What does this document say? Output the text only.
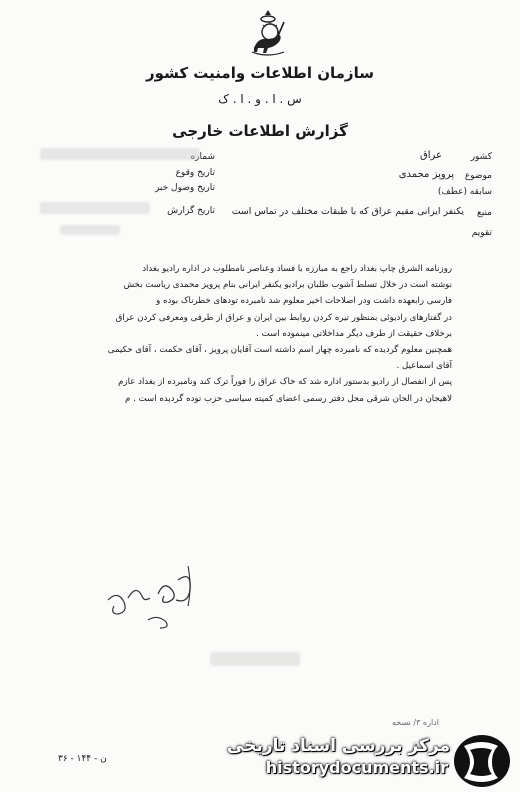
سازمان اطلاعات وامنیت کشور
س . ا . و . ا . ک
گزارش اطلاعات خارجی
کشور
عراق
شماره
موضوع
پرویز محمدی
تاریخ وقوع
سابقه (عطف)
تاریخ وصول خبر
منبع
یکنفر ایرانی مقیم عراق که با طبقات مختلف در تماس است
تاریخ گزارش
تقویم

روزنامه الشرق چاپ بغداد راجع به مبارزه با فساد وعناصر نامطلوب در اداره رادیو بغداد

نوشته است در خلال تسلط آشوب طلبان برادیو یکنفر ایرانی بنام پرویز محمدی ریاست بخش

فارسی رابعهده داشت ودر اصلاحات اخیر معلوم شد نامبرده تودهای خطرناک بوده و

در گفتارهای رادیوئی بمنظور تیره کردن روابط بین ایران و عراق از طرفی ومعرفی کردن عراق

برخلاف حقیقت از طرف دیگر مداخلاتی مینموده است .

همچنین معلوم گردیده که نامبرده چهار اسم داشته است آقایان پرویز ، آقای حکمت ، آقای حکیمی

آقای اسماعیل .

پس از انفصال از رادیو بدستور اداره شد که خاک عراق را فوراً ترک کند ونامبرده از بغداد عازم

لاهیجان در الحان شرقی محل دفتر رسمی اعضای کمیته سیاسی حزب توده گردیده است . م

اداره ۳/ نسخه
۳۶ - ۱۴۴ - ن
مرکز بررسی اسناد تاریخی
historydocuments.ir
